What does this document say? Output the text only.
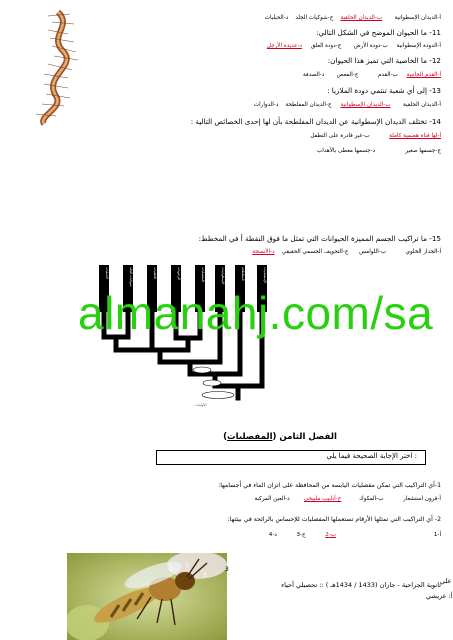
أ-الديدان الإسطوانية       ب-الديدان الحلقية    ج-شوكيات الجلد    د-الحبليات
11- ما الحيوان الموضح في الشكل التالي:
أ-الدودة الإسطوانية     ب-دودة الأرض       ج-دودة العلق     د-عديدة الأرجل
12- ما الخاصية التي تميز هذا الحيوان:
أ-القدم الجانبية     ب-القدم           ج-المعص       د-الصدفة
13- إلى أي شعبة تنتمي دودة الملاريا :
أ-الديدان الحلقية       ب-الديدان الإسطوانية     ج-الديدان المفلطحة    د-الدوارات
14- تختلف الديدان الإسطوانية عن الديدان المفلطحة بأن لها إحدى الخصائص التالية :
أ-لها قناة هضمية كاملة           ب-غير قادرة على التطفل
ج-جسمها صغير                 د-جسمها مغطى بالأهداب
15- ما تراكيب الجسم المميزة الحيوانات التي تمثل ما فوق النقطة أ في المخطط:
أ-الجدار الخلوي           ب-اللوامس      ج-التجويف الجسمي الحقيقي    د-الأنسجة
الحبليات	شوكيات الجلد	الحلقيات	الرخويات	المفصليات	الإسطوانيات	المفلطحة	الإسفنجيات
الأوليات
almanahj.com/sa
الفصل الثامن (المفصليات)
اختر الإجابة الصحيحة فيما يلي :
1-أي التراكيب التي تمكن مفصليات اليابسة من المحافظة على اتزان الماء في أجسامها:
أ-قرون استشعار           ب-المكوك          ج-أنابيب ملبيجي        د-العين المركبة
2- أي التراكيب التي تمثلها الأرقام تستعملها المفصليات للإحساس بالرائحة في بيئتها:
أ-1                                                       ب-2           ج-3           د-4
1
2
3
3
علي
ثانوية الجراحية - جازان (1433 / 1434هـ ) :: تحصيلي أحياء
أ: عريشي
